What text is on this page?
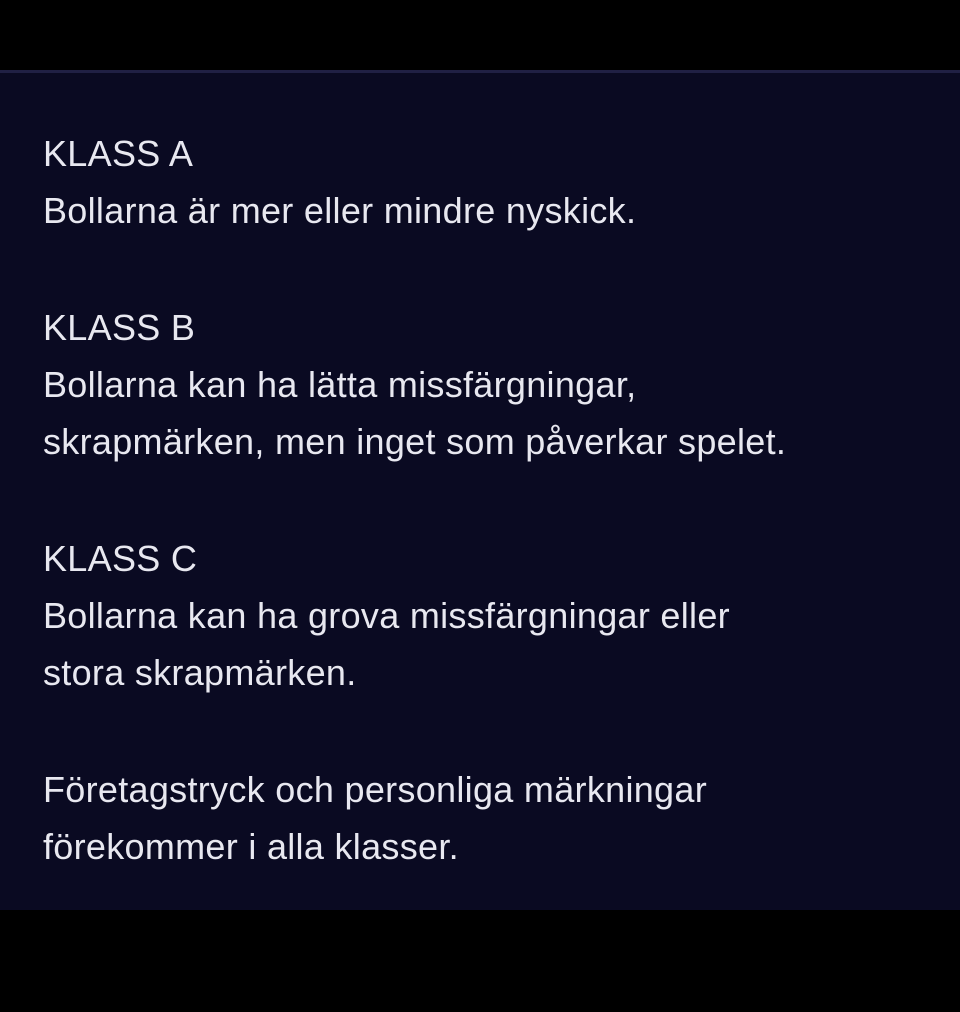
KLASS A
Bollarna är mer eller mindre nyskick.
KLASS B
Bollarna kan ha lätta missfärgningar,
skrapmärken, men inget som påverkar spelet.
KLASS C
Bollarna kan ha grova missfärgningar eller
stora skrapmärken.
Företagstryck och personliga märkningar
förekommer i alla klasser.
